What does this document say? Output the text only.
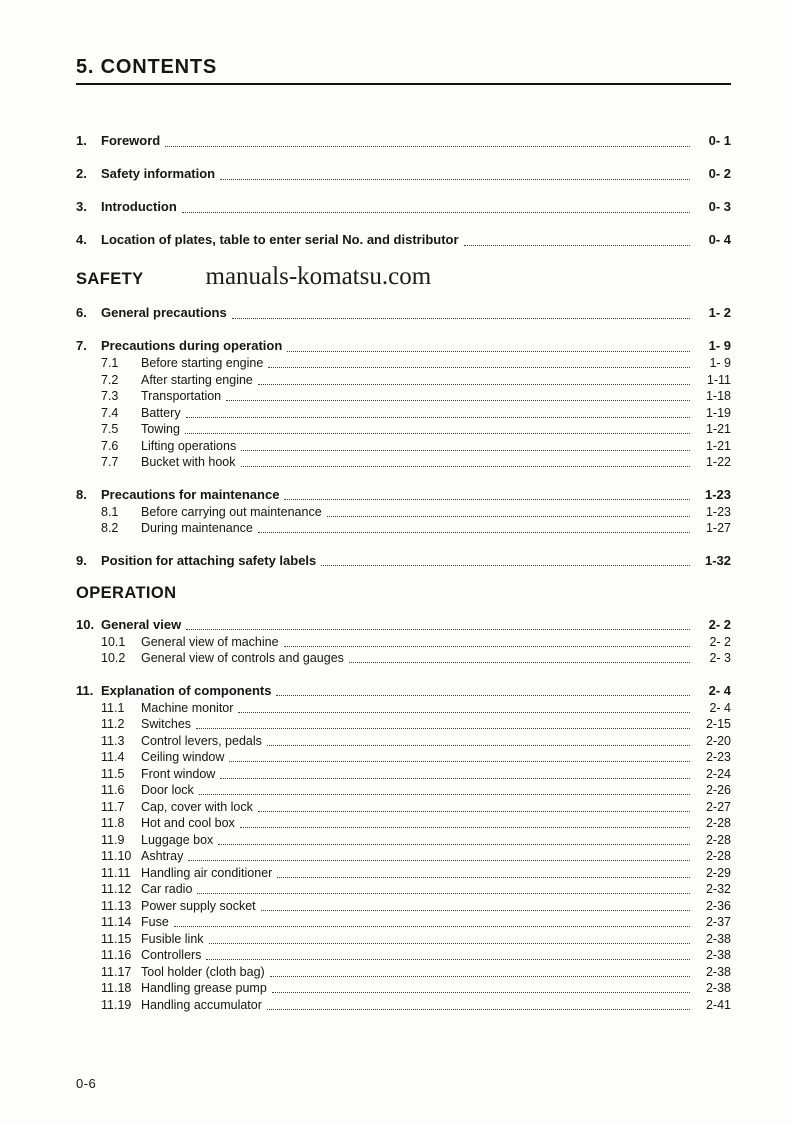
5. CONTENTS
1.	Foreword	0- 1
2.	Safety information	0- 2
3.	Introduction	0- 3
4.	Location of plates, table to enter serial No. and distributor	0- 4
SAFETY manuals-komatsu.com
6.	General precautions	1- 2
7.	Precautions during operation	1- 9
7.1	Before starting engine	1- 9
7.2	After starting engine	1-11
7.3	Transportation	1-18
7.4	Battery	1-19
7.5	Towing	1-21
7.6	Lifting operations	1-21
7.7	Bucket with hook	1-22
8.	Precautions for maintenance	1-23
8.1	Before carrying out maintenance	1-23
8.2	During maintenance	1-27
9.	Position for attaching safety labels	1-32
OPERATION
10. General view	2- 2
10.1	General view of machine	2- 2
10.2	General view of controls and gauges	2- 3
11. Explanation of components	2- 4
11.1	Machine monitor	2- 4
11.2	Switches	2-15
11.3	Control levers, pedals	2-20
11.4	Ceiling window	2-23
11.5	Front window	2-24
11.6	Door lock	2-26
11.7	Cap, cover with lock	2-27
11.8	Hot and cool box	2-28
11.9	Luggage box	2-28
11.10 Ashtray	2-28
11.11 Handling air conditioner	2-29
11.12 Car radio	2-32
11.13 Power supply socket	2-36
11.14 Fuse	2-37
11.15 Fusible link	2-38
11.16 Controllers	2-38
11.17 Tool holder (cloth bag)	2-38
11.18 Handling grease pump	2-38
11.19 Handling accumulator	2-41
0-6
